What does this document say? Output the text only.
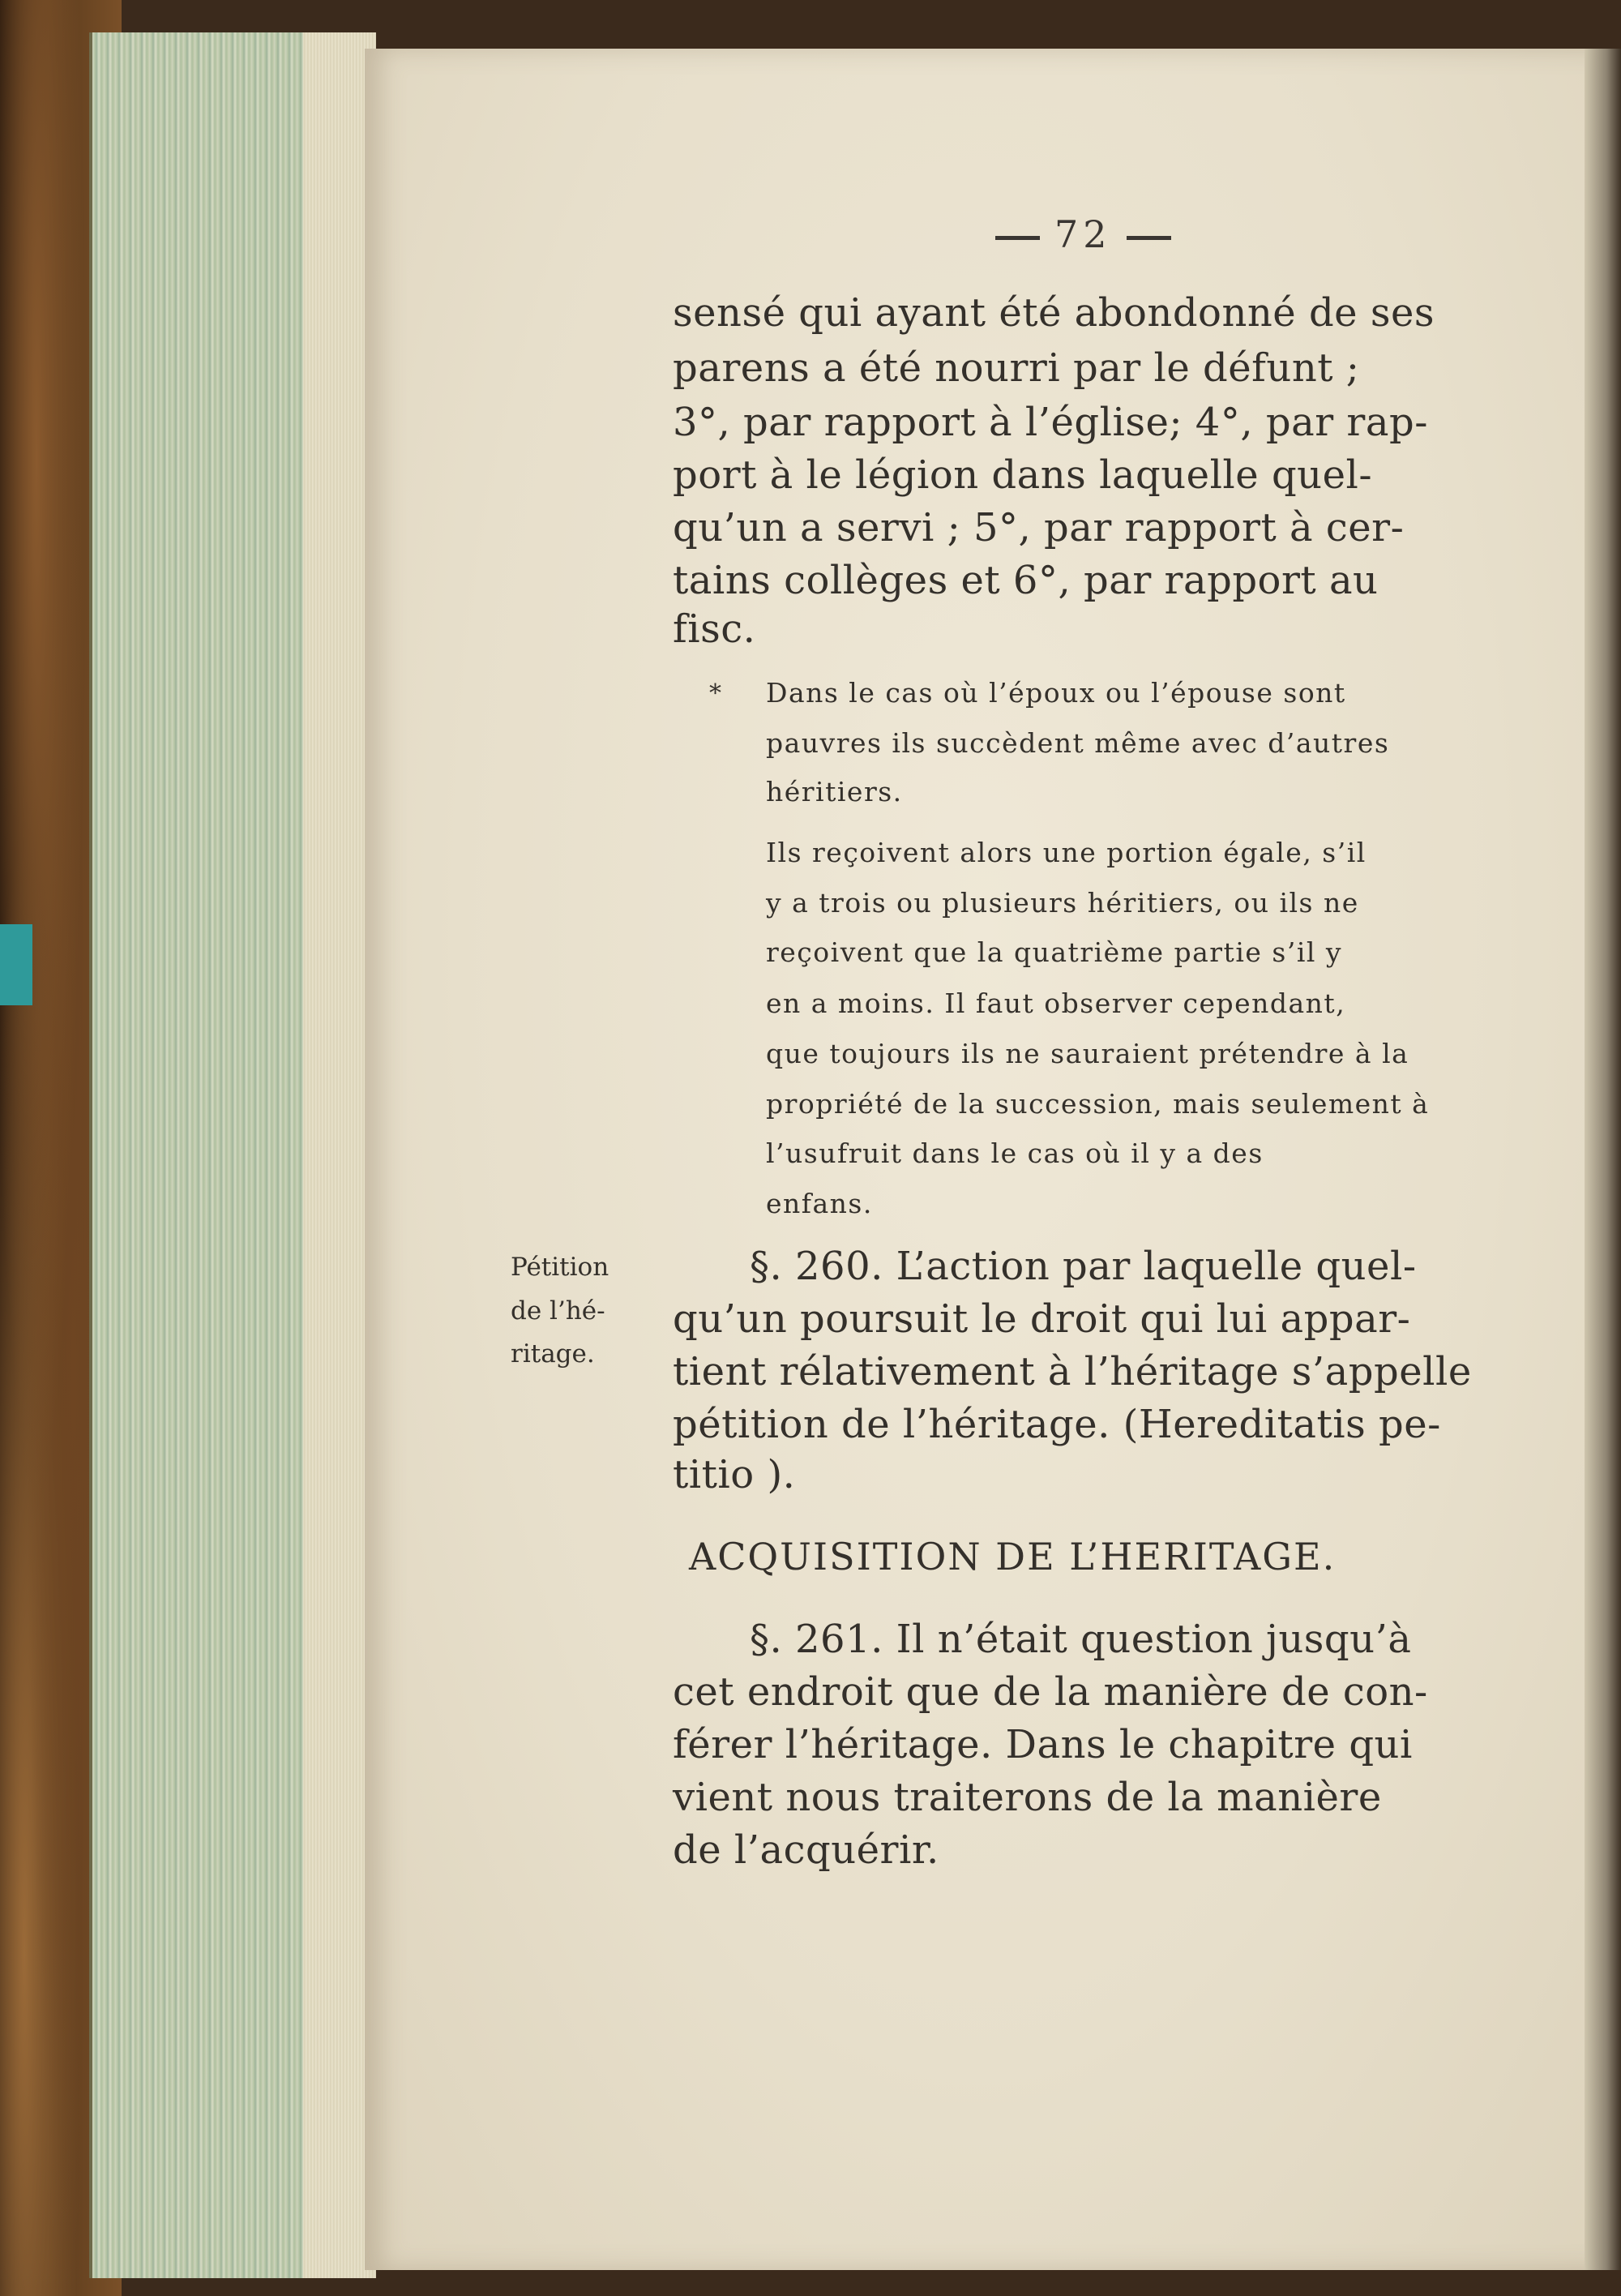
72
sensé qui ayant été abondonné de ses
parens a été nourri par le défunt ;
3°, par rapport à l’église; 4°, par rap-
port à le légion dans laquelle quel-
qu’un a servi ; 5°, par rapport à cer-
tains collèges et 6°, par rapport au
fisc.
* Dans le cas où l’époux ou l’épouse sont
pauvres ils succèdent même avec d’autres
héritiers.
Ils reçoivent alors une portion égale, s’il
y a trois ou plusieurs héritiers, ou ils ne
reçoivent que la quatrième partie s’il y
en a moins. Il faut observer cependant,
que toujours ils ne sauraient prétendre à la
propriété de la succession, mais seulement à
l’usufruit dans le cas où il y a des
enfans.
Pétition
de l’hé-
ritage.
§. 260. L’action par laquelle quel-
qu’un poursuit le droit qui lui appar-
tient rélativement à l’héritage s’appelle
pétition de l’héritage. (Hereditatis pe-
titio ).
ACQUISITION DE L’HERITAGE.
§. 261. Il n’était question jusqu’à
cet endroit que de la manière de con-
férer l’héritage. Dans le chapitre qui
vient nous traiterons de la manière
de l’acquérir.
